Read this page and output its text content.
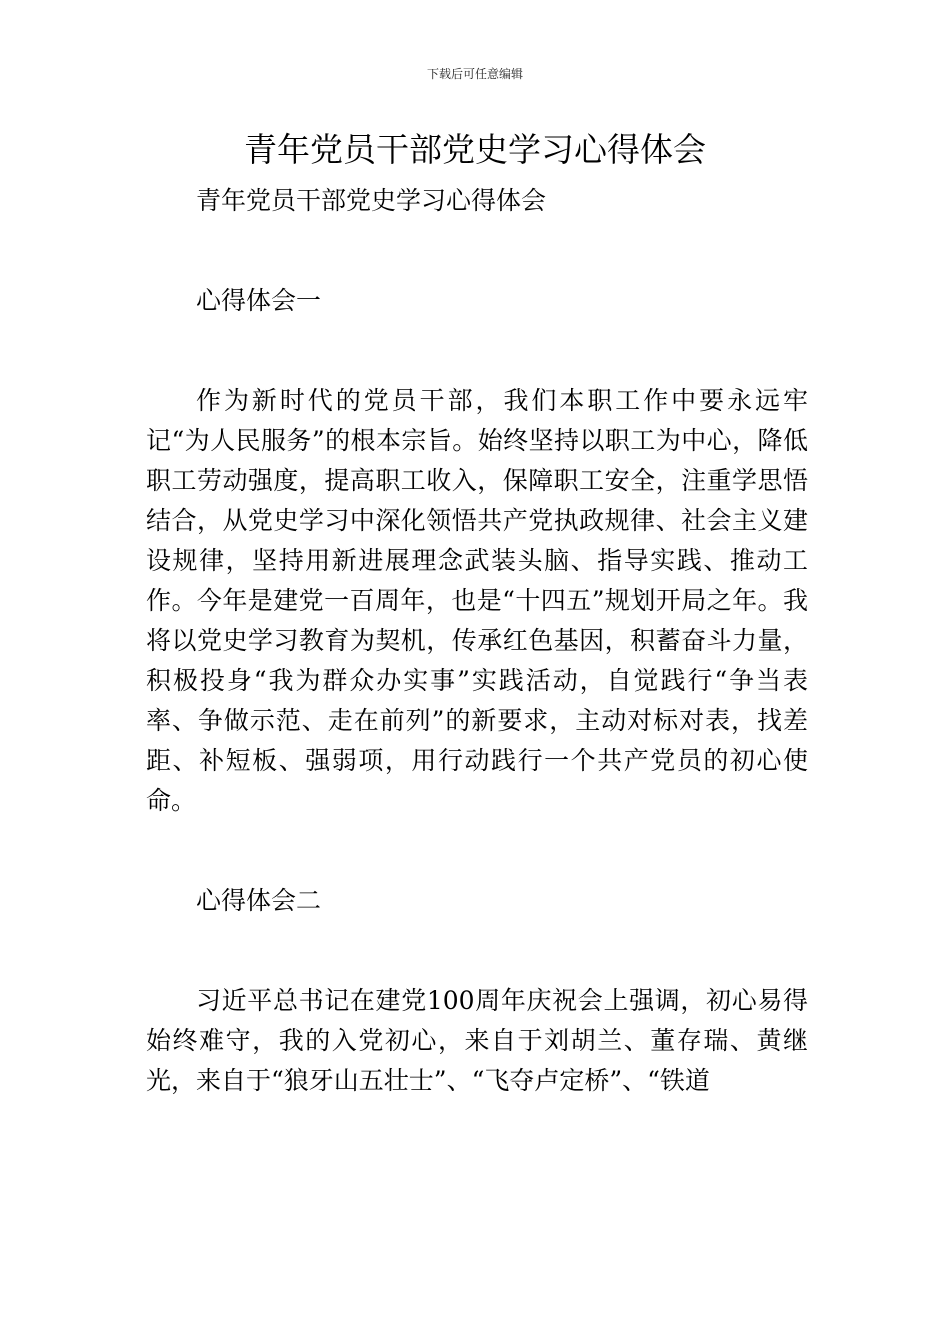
下载后可任意编辑
青年党员干部党史学习心得体会

青年党员干部党史学习心得体会

心得体会一

作为新时代的党员干部，我们本职工作中要永远牢记“为人民服务”的根本宗旨。始终坚持以职工为中心，降低职工劳动强度，提高职工收入，保障职工安全，注重学思悟结合，从党史学习中深化领悟共产党执政规律、社会主义建设规律，坚持用新进展理念武装头脑、指导实践、推动工作。今年是建党一百周年，也是“十四五”规划开局之年。我将以党史学习教育为契机，传承红色基因，积蓄奋斗力量，积极投身“我为群众办实事”实践活动，自觉践行“争当表率、争做示范、走在前列”的新要求，主动对标对表，找差距、补短板、强弱项，用行动践行一个共产党员的初心使命。

心得体会二

习近平总书记在建党100周年庆祝会上强调，初心易得始终难守，我的入党初心，来自于刘胡兰、董存瑞、黄继光，来自于“狼牙山五壮士”、“飞夺卢定桥”、“铁道
